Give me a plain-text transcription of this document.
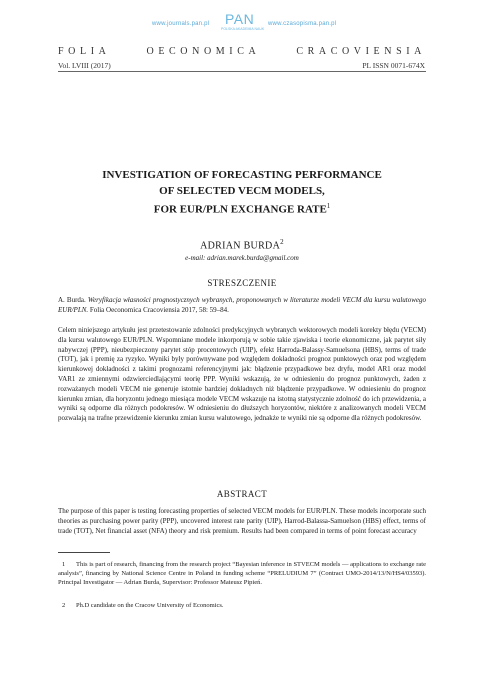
www.journals.pan.pl PAN
POLSKA AKADEMIA NAUK
www.czasopisma.pan.pl
FOLIA OECONOMICA CRACOVIENSIA
Vol. LVIII (2017)	PL ISSN 0071-674X
INVESTIGATION OF FORECASTING PERFORMANCE
OF SELECTED VECM MODELS,
FOR EUR/PLN EXCHANGE RATE$^1$
ADRIAN BURDA$^2$
e-mail: adrian.marek.burda@gmail.com
STRESZCZENIE
A. Burda. Weryfikacja własności prognostycznych wybranych, proponowanych w literaturze modeli VECM dla kursu walutowego EUR/PLN. Folia Oeconomica Cracoviensia 2017, 58: 59–84.

Celem niniejszego artykułu jest przetestowanie zdolności predykcyjnych wybranych wektorowych modeli korekty błędu (VECM) dla kursu walutowego EUR/PLN. Wspomniane modele inkorporują w sobie takie zjawiska i teorie ekonomiczne, jak parytet siły nabywczej (PPP), nieubezpieczony parytet stóp procentowych (UIP), efekt Harroda-Balassy-Samuelsona (HBS), terms of trade (TOT), jak i premię za ryzyko. Wyniki były porównywane pod względem dokładności prognoz punktowych oraz pod względem kierunkowej dokładności z takimi prognozami referencyjnymi jak: błądzenie przypadkowe bez dryfu, model AR1 oraz model VAR1 ze zmiennymi odzwierciedlającymi teorię PPP. Wyniki wskazują, że w odniesieniu do prognoz punktowych, żaden z rozważanych modeli VECM nie generuje istotnie bardziej dokładnych niż błądzenie przypadkowe. W odniesieniu do prognoz kierunku zmian, dla horyzontu jednego miesiąca modele VECM wskazuje na istotną statystycznie zdolność do ich przewidzenia, a wyniki są odporne dla różnych podokresów. W odniesieniu do dłuższych horyzontów, niektóre z analizowanych modeli VECM pozwalają na trafne przewidzenie kierunku zmian kursu walutowego, jednakże te wyniki nie są odporne dla różnych podokresów.

ABSTRACT

The purpose of this paper is testing forecasting properties of selected VECM models for EUR/PLN. These models incorporate such theories as purchasing power parity (PPP), uncovered interest rate parity (UIP), Harrod-Balassa-Samuelson (HBS) effect, terms of trade (TOT), Net financial asset (NFA) theory and risk premium. Results had been compared in terms of point forecast accuracy

1 This is part of research, financing from the research project “Bayesian inference in STVECM models — applications to exchange rate analysis”, financing by National Science Centre in Poland in funding scheme “PRELUDIUM 7” (Contract UMO-2014/13/N/HS4/03593). Principal Investigator — Adrian Burda, Supervisor: Professor Mateusz Pipień.
2 Ph.D candidate on the Cracow University of Economics.
